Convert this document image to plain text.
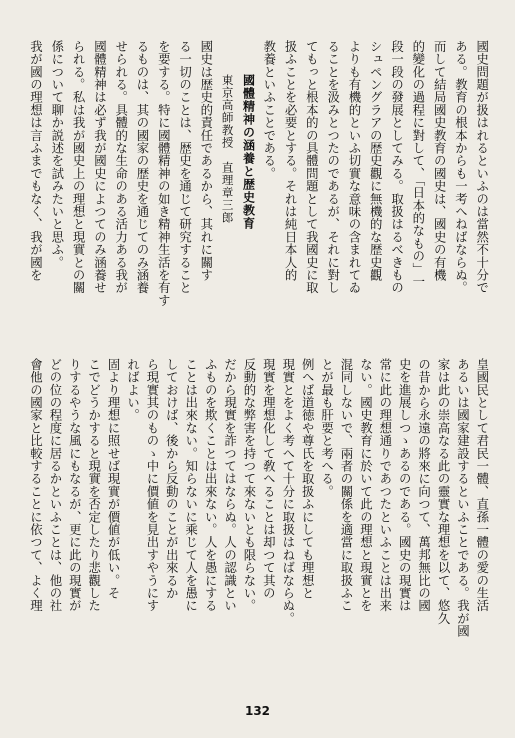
國史問題が扱はれるといふのは當然不十分で
ある。教育の根本からも一考へねばならぬ。
而して結局國史教育の國史は、國史の有機
的變化の過程に對して、「日本的なもの」一
段一段の發展としてみる。取扱はるべきもの
シュペングラアの歴史觀に無機的な歴史觀
よりも有機的といふ切實な意味の含まれてゐ
ることを汲みとつたのであるが、それに對し
てもっと根本的の具體問題として我國史に取
扱ふことを必要とする。それは純日本人的
教養といふことである。
國體精神の涵養と歴史教育
東京高師教授　直理章三郎
國史は歴史的責任であるから、其れに關す
る一切のことは、歴史を通じて研究すること
を要する。特に國體精神の如き精神生活を有す
るものは、其の國家の歴史を通じてのみ涵養
せられる。具體的な生命のある活力ある我が
國體精神は必ず我が國史によつてのみ涵養せ
られる。私は我が國史上の理想と現實との關
係について聊か説述を試みたいと思ふ。
我が國の理想は言ふまでもなく、我が國を
皇國民として君民一體、直孫一體の愛の生活
あるいは國家建設するといふことである。我が國
家は此の崇高なる此の靈實な理想を以て、悠久
の昔から永遠の將來に向つて、萬邦無比の國
史を進展しつゝあるのである。國史の現實は
常に此の理想通りであつたといふことは出来
ない。國史教育に於いて此の理想と現實とを
混同しないで、兩者の關係を適當に取扱ふこ
とが最も肝要と考へる。
例へば道徳や尊氏を取扱ふにしても理想と
現實とをよく考へて十分に取扱はねばならぬ。
現實を理想化して敎へることは却つて其の
反動的な弊害を持つて來ないとも限らない。
だから現實を詐つてはならぬ。人の認識とい
ふものを欺くことは出來ない。人を愚にする
ことは出來ない。知らないに乘じて人を愚に
しておけば、後から反動のことが出來るか
ら現實其のものゝ中に價値を見出すやうにす
ればよい。
固より理想に照せば現實が價値が低い。そ
こでどうかすると現實を否定したり悲觀した
りするやうな風にもなるが、更に此の現實が
どの位の程度に居るかといふことは、他の社
會他の國家と比較することに依つて、よく理
132
